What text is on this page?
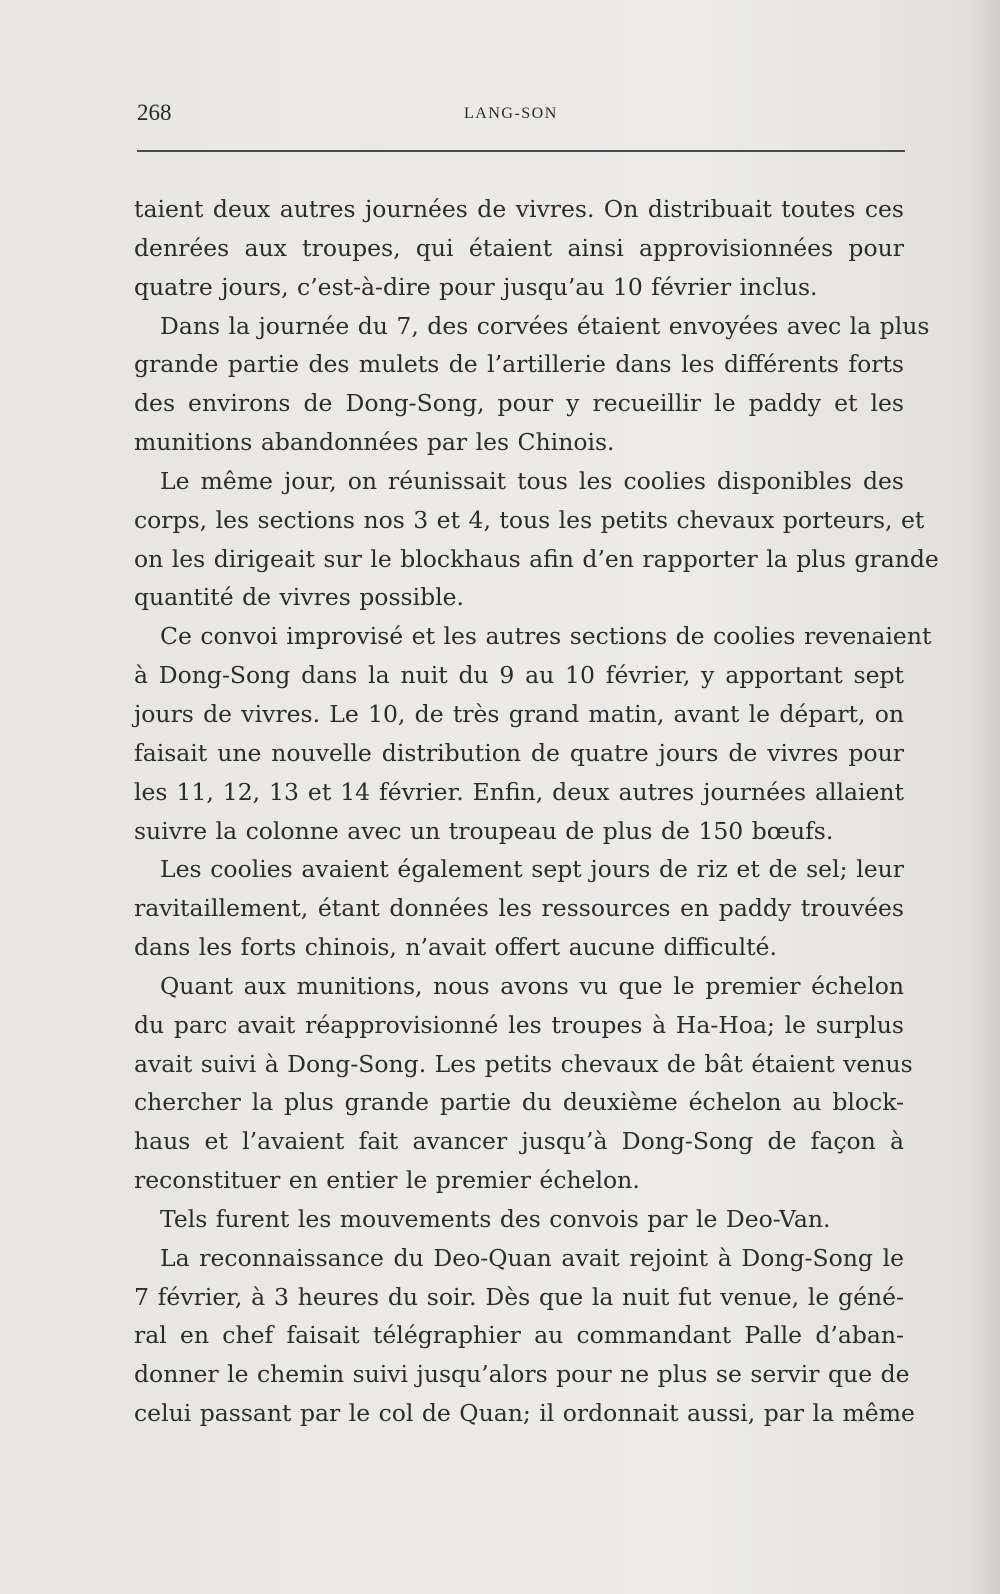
268	LANG-SON
taient deux autres journées de vivres. On distribuait toutes ces
denrées aux troupes, qui étaient ainsi approvisionnées pour
quatre jours, c’est-à-dire pour jusqu’au 10 février inclus.
Dans la journée du 7, des corvées étaient envoyées avec la plus
grande partie des mulets de l’artillerie dans les différents forts
des environs de Dong-Song, pour y recueillir le paddy et les
munitions abandonnées par les Chinois.
Le même jour, on réunissait tous les coolies disponibles des
corps, les sections nos 3 et 4, tous les petits chevaux porteurs, et
on les dirigeait sur le blockhaus afin d’en rapporter la plus grande
quantité de vivres possible.
Ce convoi improvisé et les autres sections de coolies revenaient
à Dong-Song dans la nuit du 9 au 10 février, y apportant sept
jours de vivres. Le 10, de très grand matin, avant le départ, on
faisait une nouvelle distribution de quatre jours de vivres pour
les 11, 12, 13 et 14 février. Enfin, deux autres journées allaient
suivre la colonne avec un troupeau de plus de 150 bœufs.
Les coolies avaient également sept jours de riz et de sel; leur
ravitaillement, étant données les ressources en paddy trouvées
dans les forts chinois, n’avait offert aucune difficulté.
Quant aux munitions, nous avons vu que le premier échelon
du parc avait réapprovisionné les troupes à Ha-Hoa; le surplus
avait suivi à Dong-Song. Les petits chevaux de bât étaient venus
chercher la plus grande partie du deuxième échelon au block-
haus et l’avaient fait avancer jusqu’à Dong-Song de façon à
reconstituer en entier le premier échelon.
Tels furent les mouvements des convois par le Deo-Van.
La reconnaissance du Deo-Quan avait rejoint à Dong-Song le
7 février, à 3 heures du soir. Dès que la nuit fut venue, le géné-
ral en chef faisait télégraphier au commandant Palle d’aban-
donner le chemin suivi jusqu’alors pour ne plus se servir que de
celui passant par le col de Quan; il ordonnait aussi, par la même
